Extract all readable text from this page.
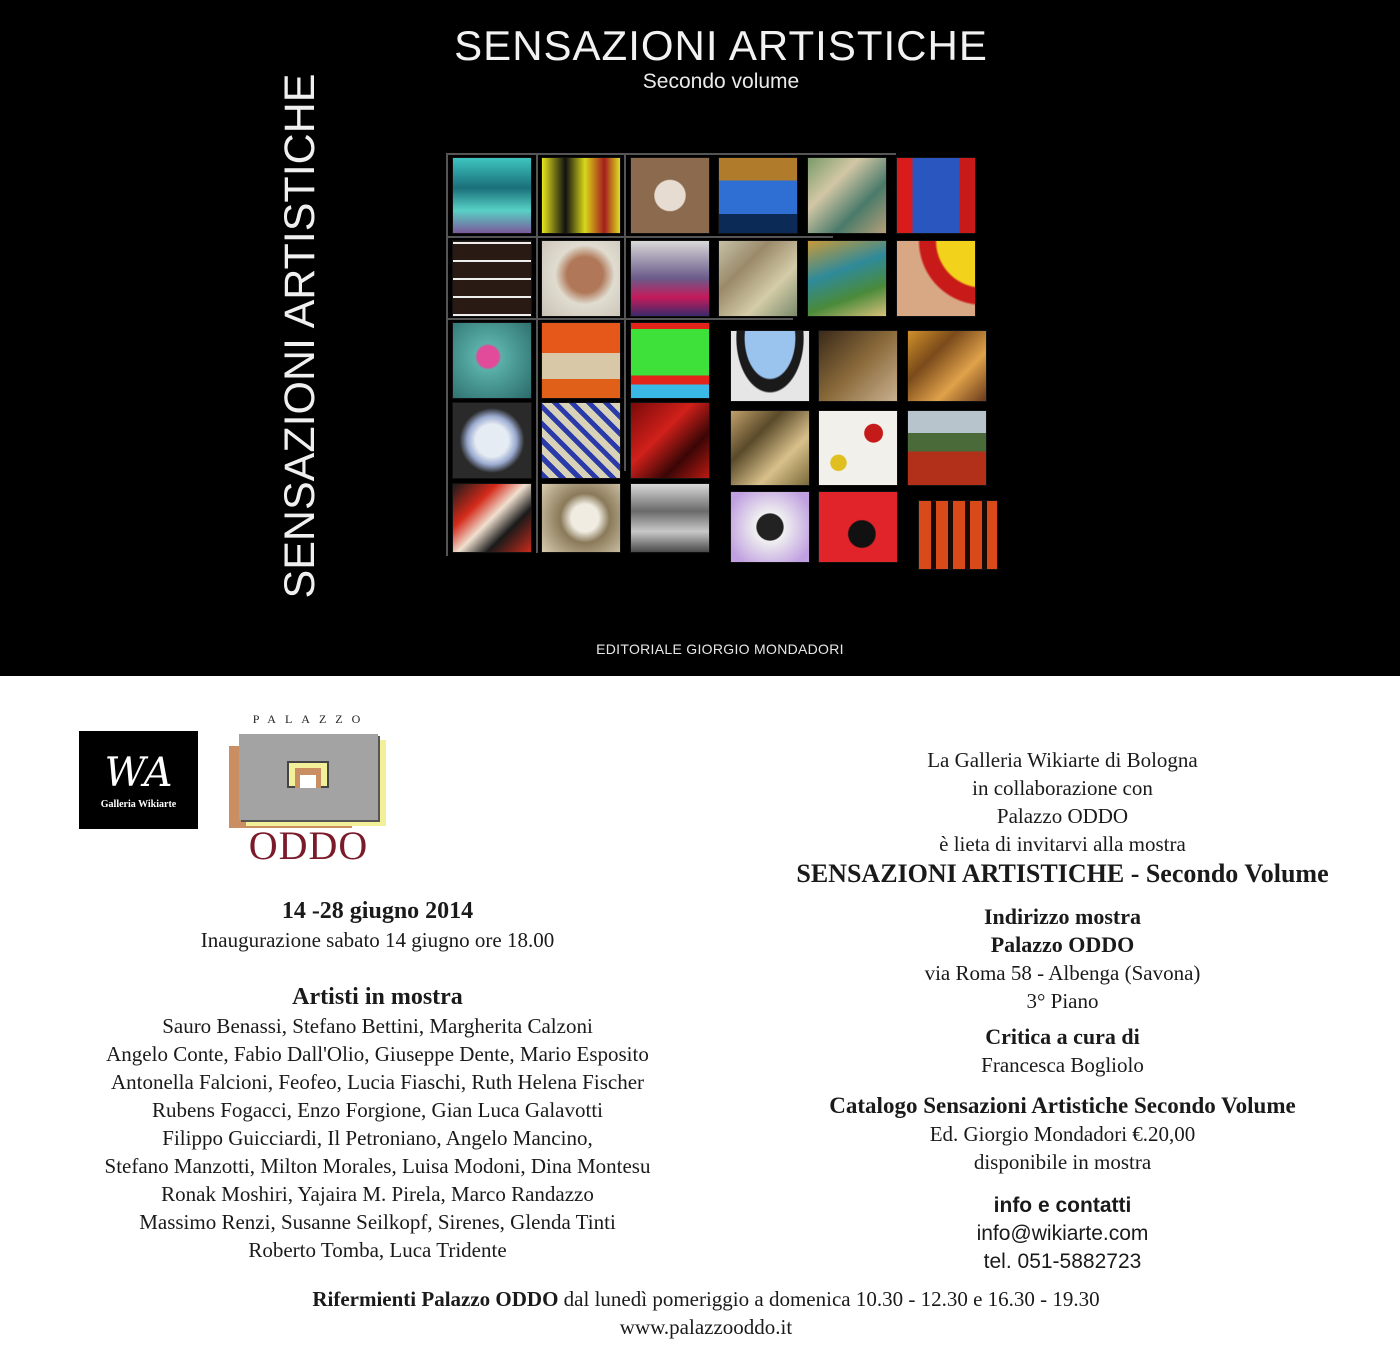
SENSAZIONI ARTISTICHE
Secondo volume
SENSAZIONI ARTISTICHE
EDITORIALE GIORGIO MONDADORI
WA
Galleria Wikiarte
PALAZZO
ODDO
14 -28 giugno 2014
Inaugurazione sabato 14 giugno ore 18.00
Artisti in mostra
Sauro Benassi, Stefano Bettini, Margherita Calzoni
Angelo Conte, Fabio Dall'Olio, Giuseppe Dente, Mario Esposito
Antonella Falcioni, Feofeo, Lucia Fiaschi, Ruth Helena Fischer
Rubens Fogacci, Enzo Forgione, Gian Luca Galavotti
Filippo Guicciardi, Il Petroniano, Angelo Mancino,
Stefano Manzotti, Milton Morales, Luisa Modoni, Dina Montesu
Ronak Moshiri, Yajaira M. Pirela, Marco Randazzo
Massimo Renzi, Susanne Seilkopf, Sirenes, Glenda Tinti
Roberto Tomba, Luca Tridente
La Galleria Wikiarte di Bologna
in collaborazione con
Palazzo ODDO
è lieta di invitarvi alla mostra
SENSAZIONI ARTISTICHE - Secondo Volume
Indirizzo mostra
Palazzo ODDO
via Roma 58 - Albenga (Savona)
3° Piano
Critica a cura di
Francesca Bogliolo
Catalogo Sensazioni Artistiche Secondo Volume
Ed. Giorgio Mondadori €.20,00
disponibile in mostra
info e contatti
info@wikiarte.com
tel. 051-5882723
Rifermienti Palazzo ODDO dal lunedì pomeriggio a domenica 10.30 - 12.30 e 16.30 - 19.30
www.palazzooddo.it
